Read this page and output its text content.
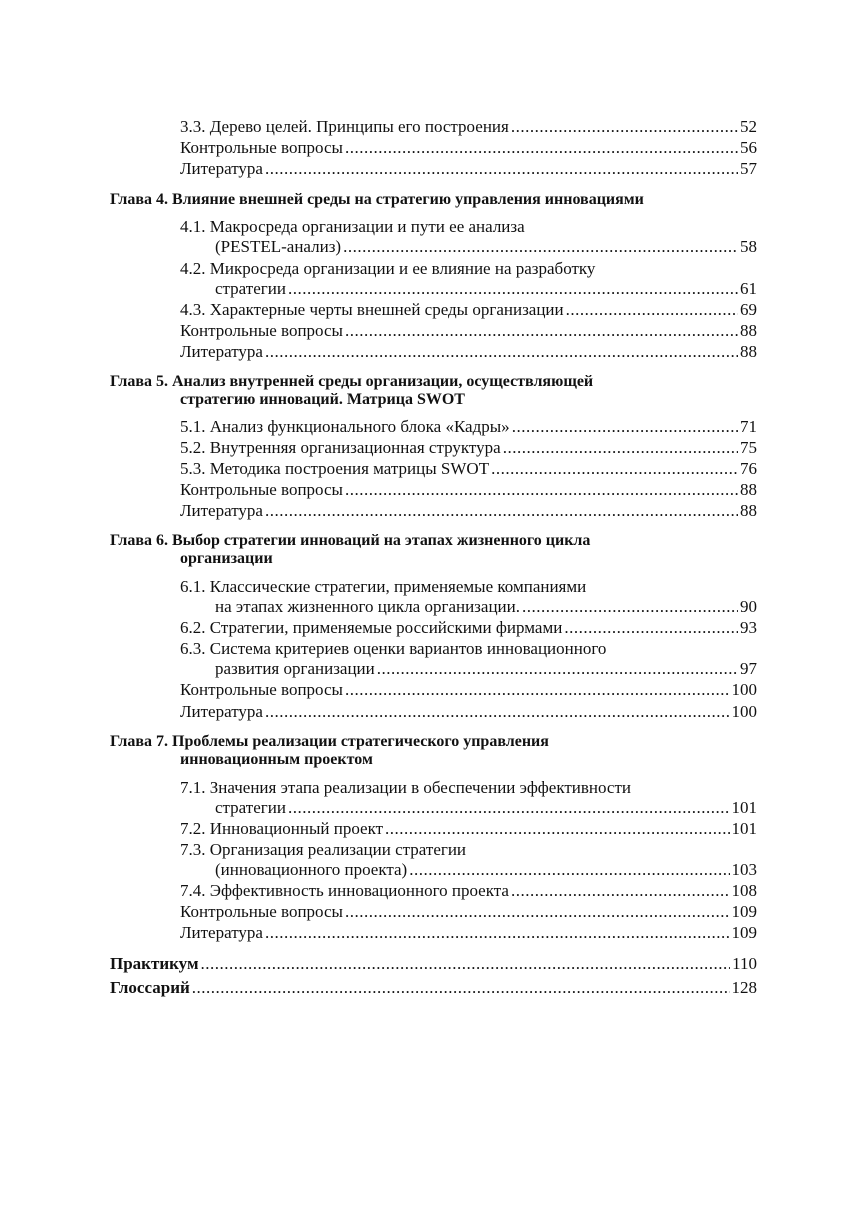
3.3. Дерево целей. Принципы его построения .....	52
Контрольные вопросы .....	56
Литература .....	57
Глава 4. Влияние внешней среды на стратегию управления инновациями
4.1. Макросреда организации и пути ее анализа
(PESTEL-анализ) .....	58
4.2. Микросреда организации и ее влияние на разработку
стратегии .....	61
4.3. Характерные черты внешней среды организации .....	69
Контрольные вопросы .....	88
Литература .....	88
Глава 5. Анализ внутренней среды организации, осуществляющей
стратегию инноваций. Матрица SWOT
5.1. Анализ функционального блока «Кадры» .....	71
5.2. Внутренняя организационная структура .....	75
5.3. Методика построения матрицы SWOT .....	76
Контрольные вопросы .....	88
Литература .....	88
Глава 6. Выбор стратегии инноваций на этапах жизненного цикла
организации
6.1. Классические стратегии, применяемые компаниями
на этапах жизненного цикла организации. .....	90
6.2. Стратегии, применяемые российскими фирмами .....	93
6.3. Система критериев оценки вариантов инновационного
развития организации .....	97
Контрольные вопросы .....	100
Литература .....	100
Глава 7. Проблемы реализации стратегического управления
инновационным проектом
7.1. Значения этапа реализации в обеспечении эффективности
стратегии .....	101
7.2. Инновационный проект .....	101
7.3. Организация реализации стратегии
(инновационного проекта) .....	103
7.4. Эффективность инновационного проекта .....	108
Контрольные вопросы .....	109
Литература .....	109
Практикум .....	110
Глоссарий .....	128
